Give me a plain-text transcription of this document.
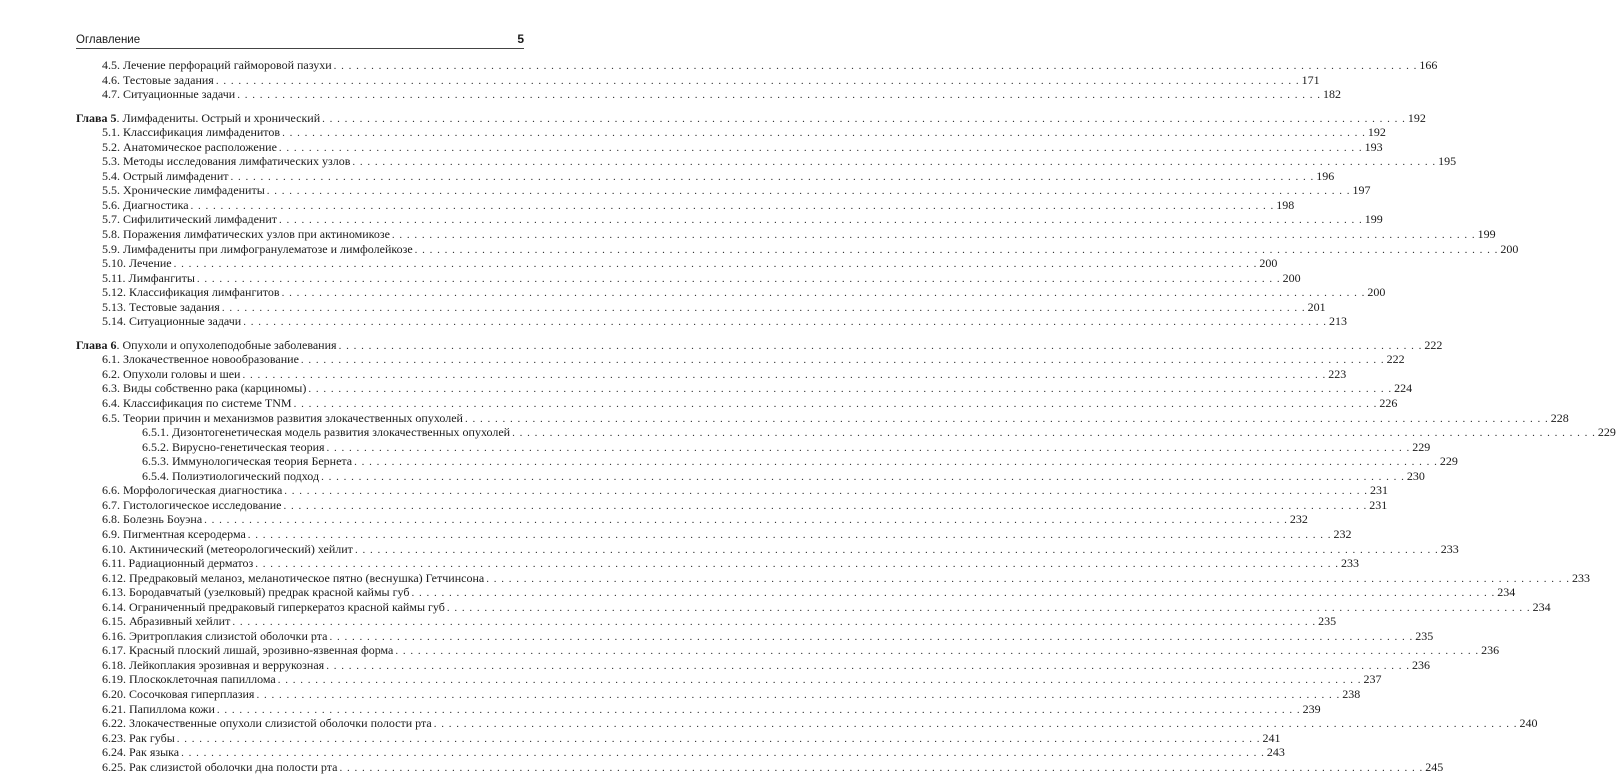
Оглавление	5
4.5. Лечение перфораций гайморовой пазухи . . .	166
4.6. Тестовые задания . . .	171
4.7. Ситуационные задачи . . .	182
Глава 5. Лимфадениты. Острый и хронический . . .	192
5.1. Классификация лимфаденитов . . .	192
5.2. Анатомическое расположение . . .	193
5.3. Методы исследования лимфатических узлов . . .	195
5.4. Острый лимфаденит . . .	196
5.5. Хронические лимфадениты . . .	197
5.6. Диагностика . . .	198
5.7. Сифилитический лимфаденит . . .	199
5.8. Поражения лимфатических узлов при актиномикозе . . .	199
5.9. Лимфадениты при лимфогранулематозе и лимфолейкозе . . .	200
5.10. Лечение . . .	200
5.11. Лимфангиты . . .	200
5.12. Классификация лимфангитов . . .	200
5.13. Тестовые задания . . .	201
5.14. Ситуационные задачи . . .	213
Глава 6. Опухоли и опухолеподобные заболевания . . .	222
6.1. Злокачественное новообразование . . .	222
6.2. Опухоли головы и шеи . . .	223
6.3. Виды собственно рака (карциномы) . . .	224
6.4. Классификация по системе TNM . . .	226
6.5. Теории причин и механизмов развития злокачественных опухолей . . .	228
6.5.1. Дизонтогенетическая модель развития злокачественных опухолей . . .	229
6.5.2. Вирусно-генетическая теория . . .	229
6.5.3. Иммунологическая теория Бернета . . .	229
6.5.4. Полиэтиологический подход . . .	230
6.6. Морфологическая диагностика . . .	231
6.7. Гистологическое исследование . . .	231
6.8. Болезнь Боуэна . . .	232
6.9. Пигментная ксеродерма . . .	232
6.10. Актинический (метеорологический) хейлит . . .	233
6.11. Радиационный дерматоз . . .	233
6.12. Предраковый меланоз, меланотическое пятно (веснушка) Гетчинсона . . .	233
6.13. Бородавчатый (узелковый) предрак красной каймы губ . . .	234
6.14. Ограниченный предраковый гиперкератоз красной каймы губ . . .	234
6.15. Абразивный хейлит . . .	235
6.16. Эритроплакия слизистой оболочки рта . . .	235
6.17. Красный плоский лишай, эрозивно-язвенная форма . . .	236
6.18. Лейкоплакия эрозивная и веррукозная . . .	236
6.19. Плоскоклеточная папиллома . . .	237
6.20. Сосочковая гиперплазия . . .	238
6.21. Папиллома кожи . . .	239
6.22. Злокачественные опухоли слизистой оболочки полости рта . . .	240
6.23. Рак губы . . .	241
6.24. Рак языка . . .	243
6.25. Рак слизистой оболочки дна полости рта . . .	245
